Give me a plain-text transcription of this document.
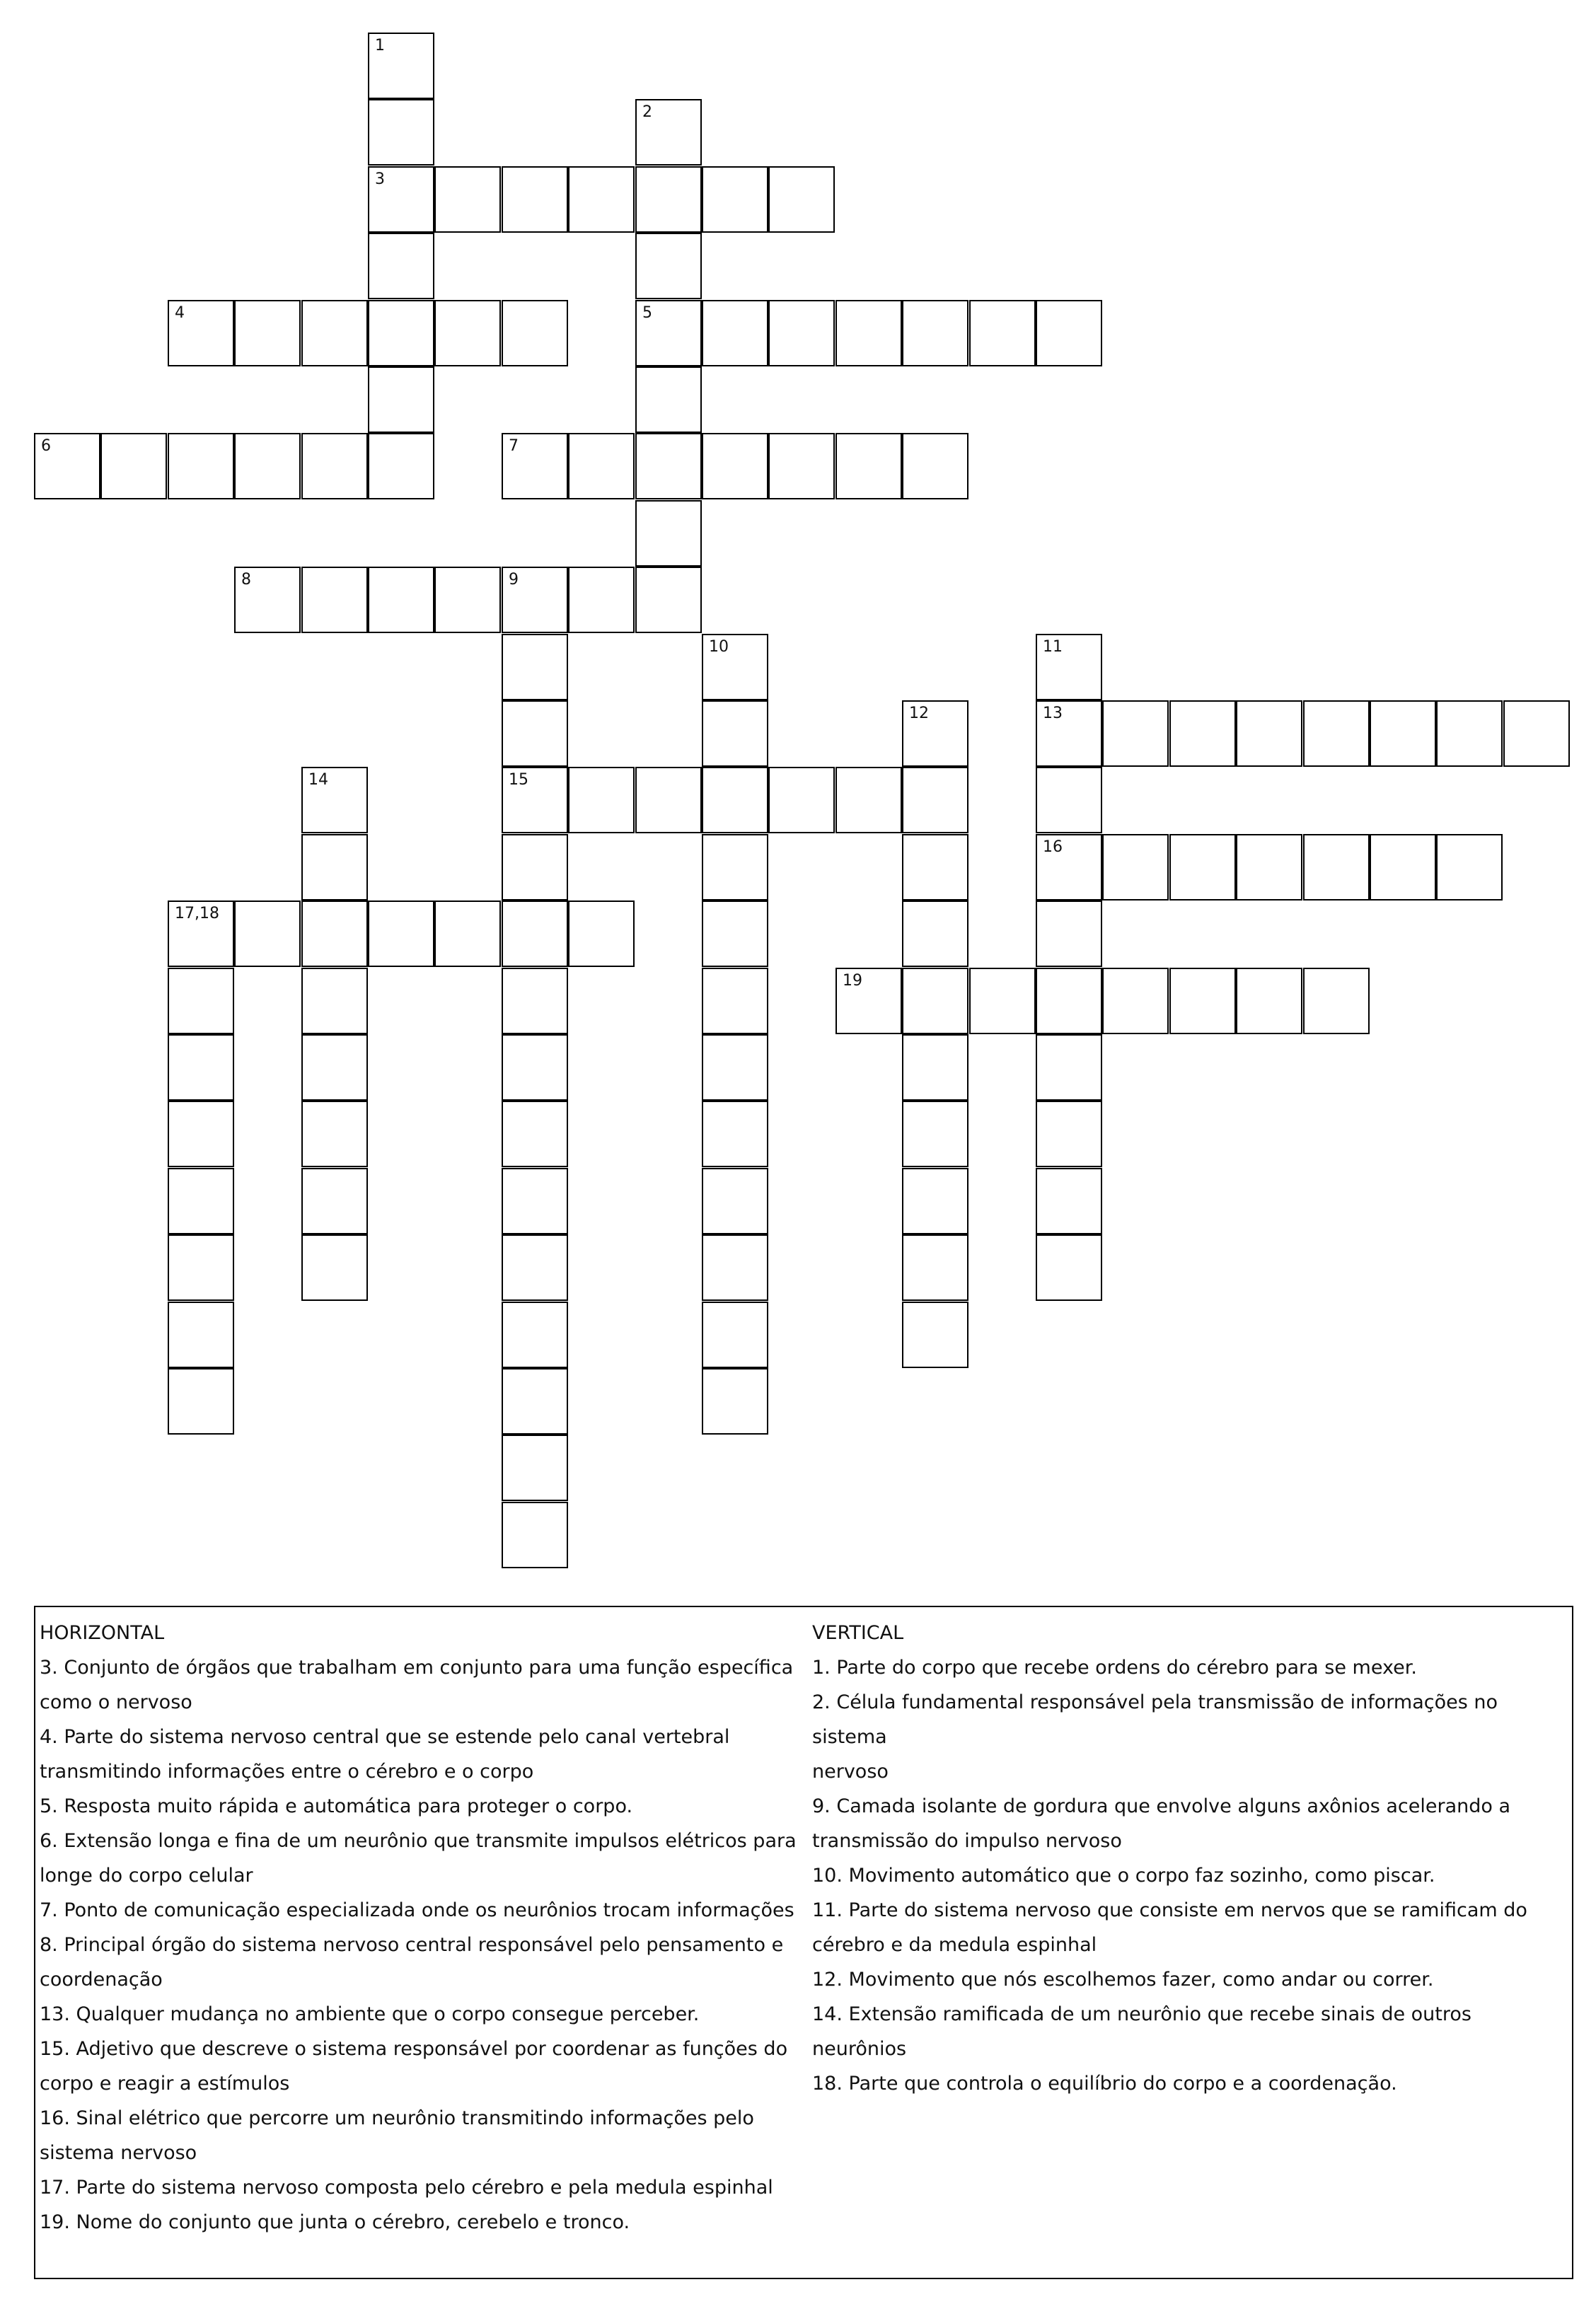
1
2
3
4	5
6	7
8	9
10	11
12	13
14	15
16
17,18
19
HORIZONTAL
3. Conjunto de órgãos que trabalham em conjunto para uma função específica
como o nervoso
4. Parte do sistema nervoso central que se estende pelo canal vertebral
transmitindo informações entre o cérebro e o corpo
5. Resposta muito rápida e automática para proteger o corpo.
6. Extensão longa e fina de um neurônio que transmite impulsos elétricos para
longe do corpo celular
7. Ponto de comunicação especializada onde os neurônios trocam informações
8. Principal órgão do sistema nervoso central responsável pelo pensamento e
coordenação
13. Qualquer mudança no ambiente que o corpo consegue perceber.
15. Adjetivo que descreve o sistema responsável por coordenar as funções do
corpo e reagir a estímulos
16. Sinal elétrico que percorre um neurônio transmitindo informações pelo
sistema nervoso
17. Parte do sistema nervoso composta pelo cérebro e pela medula espinhal
19. Nome do conjunto que junta o cérebro, cerebelo e tronco.
VERTICAL
1. Parte do corpo que recebe ordens do cérebro para se mexer.
2. Célula fundamental responsável pela transmissão de informações no sistema
nervoso
9. Camada isolante de gordura que envolve alguns axônios acelerando a
transmissão do impulso nervoso
10. Movimento automático que o corpo faz sozinho, como piscar.
11. Parte do sistema nervoso que consiste em nervos que se ramificam do
cérebro e da medula espinhal
12. Movimento que nós escolhemos fazer, como andar ou correr.
14. Extensão ramificada de um neurônio que recebe sinais de outros neurônios
18. Parte que controla o equilíbrio do corpo e a coordenação.
